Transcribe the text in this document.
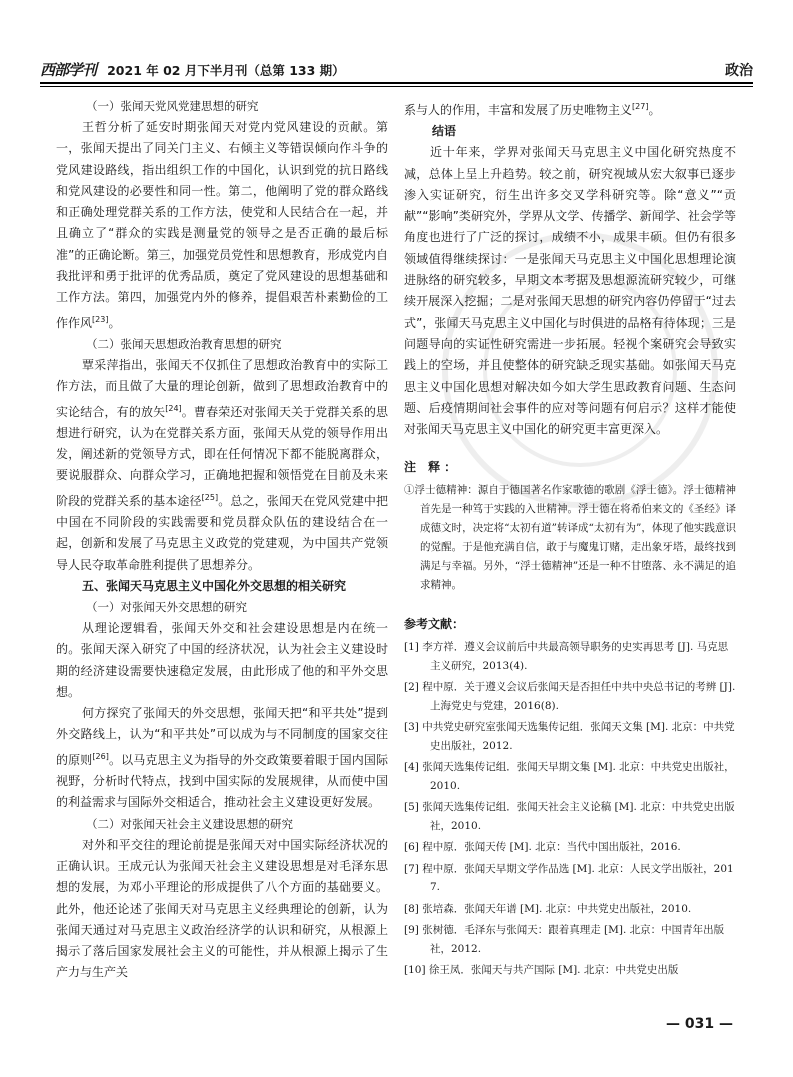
西部学刊 2021 年 02 月下半月刊（总第 133 期）	政治

（一）张闻天党风党建思想的研究

王哲分析了延安时期张闻天对党内党风建设的贡献。第一，张闻天提出了同关门主义、右倾主义等错误倾向作斗争的党风建设路线，指出组织工作的中国化，认识到党的抗日路线和党风建设的必要性和同一性。第二，他阐明了党的群众路线和正确处理党群关系的工作方法，使党和人民结合在一起，并且确立了“群众的实践是测量党的领导之是否正确的最后标准”的正确论断。第三，加强党员党性和思想教育，形成党内自我批评和勇于批评的优秀品质，奠定了党风建设的思想基础和工作方法。第四，加强党内外的修养，提倡艰苦朴素勤俭的工作作风[23]。

（二）张闻天思想政治教育思想的研究

覃采萍指出，张闻天不仅抓住了思想政治教育中的实际工作方法，而且做了大量的理论创新，做到了思想政治教育中的实论结合，有的放矢[24]。曹春荣还对张闻天关于党群关系的思想进行研究，认为在党群关系方面，张闻天从党的领导作用出发，阐述新的党领导方式，即在任何情况下都不能脱离群众，要说服群众、向群众学习，正确地把握和领悟党在目前及未来阶段的党群关系的基本途径[25]。总之，张闻天在党风党建中把中国在不同阶段的实践需要和党员群众队伍的建设结合在一起，创新和发展了马克思主义政党的党建观，为中国共产党领导人民夺取革命胜利提供了思想养分。

五、张闻天马克思主义中国化外交思想的相关研究

（一）对张闻天外交思想的研究

从理论逻辑看，张闻天外交和社会建设思想是内在统一的。张闻天深入研究了中国的经济状况，认为社会主义建设时期的经济建设需要快速稳定发展，由此形成了他的和平外交思想。

何方探究了张闻天的外交思想，张闻天把“和平共处”提到外交路线上，认为“和平共处”可以成为与不同制度的国家交往的原则[26]。以马克思主义为指导的外交政策要着眼于国内国际视野，分析时代特点，找到中国实际的发展规律，从而使中国的利益需求与国际外交相适合，推动社会主义建设更好发展。

（二）对张闻天社会主义建设思想的研究

对外和平交往的理论前提是张闻天对中国实际经济状况的正确认识。王成元认为张闻天社会主义建设思想是对毛泽东思想的发展，为邓小平理论的形成提供了八个方面的基础要义。此外，他还论述了张闻天对马克思主义经典理论的创新，认为张闻天通过对马克思主义政治经济学的认识和研究，从根源上揭示了落后国家发展社会主义的可能性，并从根源上揭示了生产力与生产关

系与人的作用，丰富和发展了历史唯物主义[27]。

结语

近十年来，学界对张闻天马克思主义中国化研究热度不减，总体上呈上升趋势。较之前，研究视域从宏大叙事已逐步渗入实证研究，衍生出许多交叉学科研究等。除“意义”“贡献”“影响”类研究外，学界从文学、传播学、新闻学、社会学等角度也进行了广泛的探讨，成绩不小，成果丰硕。但仍有很多领域值得继续探讨：一是张闻天马克思主义中国化思想理论演进脉络的研究较多，早期文本考据及思想源流研究较少，可继续开展深入挖掘；二是对张闻天思想的研究内容仍停留于“过去式”，张闻天马克思主义中国化与时俱进的品格有待体现；三是问题导向的实证性研究需进一步拓展。轻视个案研究会导致实践上的空场，并且使整体的研究缺乏现实基础。如张闻天马克思主义中国化思想对解决如今如大学生思政教育问题、生态问题、后疫情期间社会事件的应对等问题有何启示？这样才能使对张闻天马克思主义中国化的研究更丰富更深入。

注 释：

①浮士德精神：源自于德国著名作家歌德的歌剧《浮士德》。浮士德精神首先是一种笃于实践的入世精神。浮士德在将希伯来文的《圣经》译成德文时，决定将“太初有道”转译成“太初有为”，体现了他实践意识的觉醒。于是他充满自信，敢于与魔鬼订赌，走出象牙塔，最终找到满足与幸福。另外，“浮士德精神”还是一种不甘堕落、永不满足的追求精神。

参考文献：

[1] 李方祥．遵义会议前后中共最高领导职务的史实再思考 [J]. 马克思主义研究，2013(4).

[2] 程中原．关于遵义会议后张闻天是否担任中共中央总书记的考辨 [J]. 上海党史与党建，2016(8).

[3] 中共党史研究室张闻天选集传记组．张闻天文集 [M]. 北京：中共党史出版社，2012.

[4] 张闻天选集传记组．张闻天早期文集 [M]. 北京：中共党史出版社，2010.

[5] 张闻天选集传记组．张闻天社会主义论稿 [M]. 北京：中共党史出版社，2010.

[6] 程中原．张闻天传 [M]. 北京：当代中国出版社，2016.

[7] 程中原．张闻天早期文学作品选 [M]. 北京：人民文学出版社，2017.

[8] 张培森．张闻天年谱 [M]. 北京：中共党史出版社，2010.

[9] 张树德．毛泽东与张闻天：跟着真理走 [M]. 北京：中国青年出版社，2012.

[10] 徐王凤．张闻天与共产国际 [M]. 北京：中共党史出版

— 031 —
